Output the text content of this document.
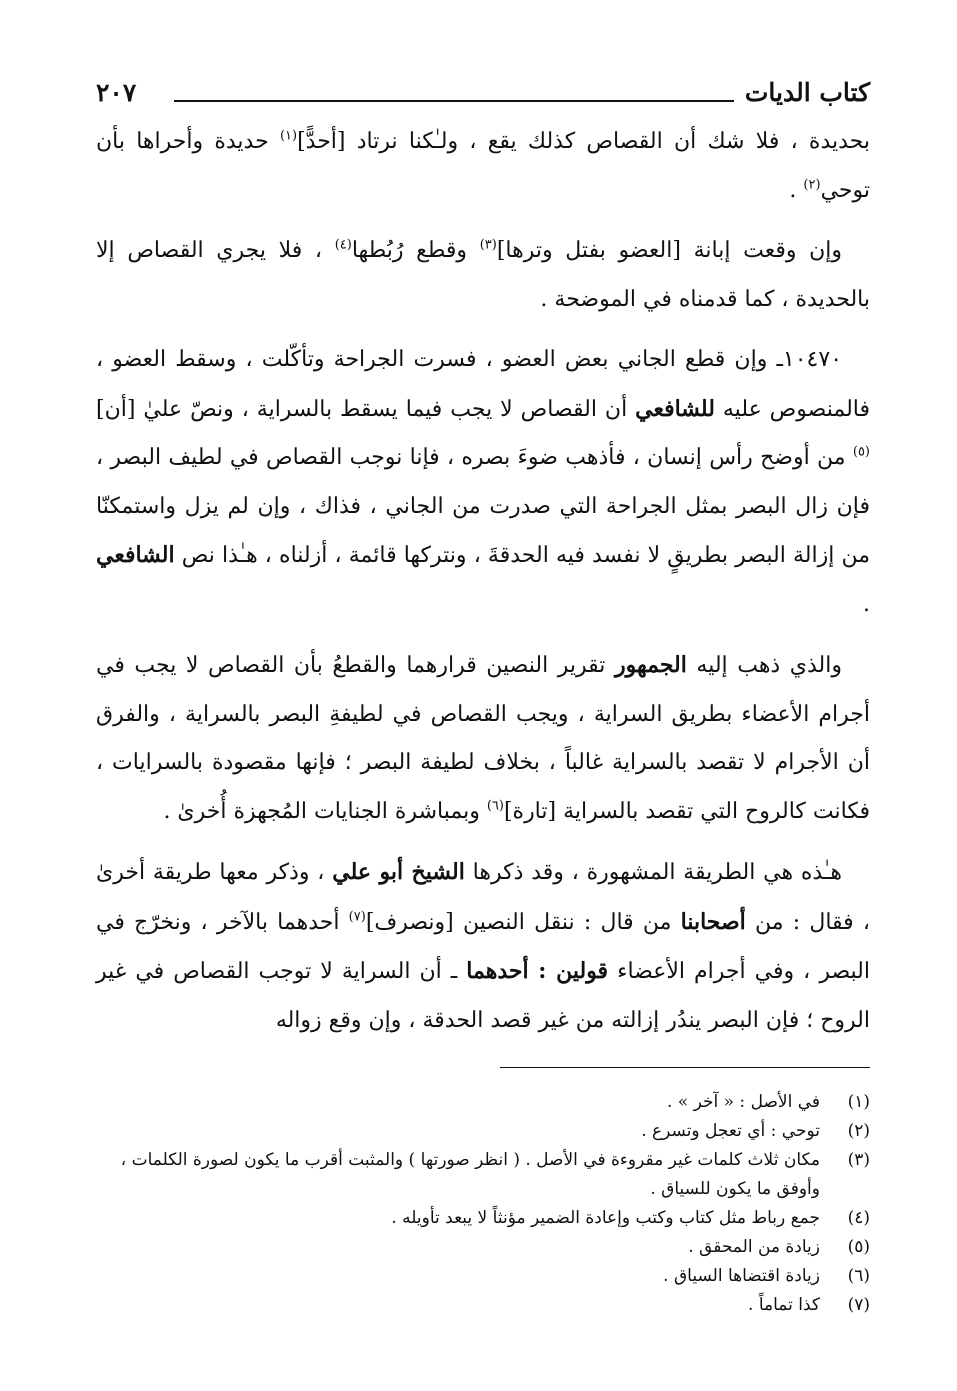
كتاب الديات
٢٠٧

بحديدة ، فلا شك أن القصاص كذلك يقع ، ولـٰكنا نرتاد [أحدًّ]$^{(١)}$ حديدة وأحراها بأن توحي$^{(٢)}$ .

وإن وقعت إبانة [العضو بفتل وترها]$^{(٣)}$ وقطع رُبُطها$^{(٤)}$ ، فلا يجري القصاص إلا بالحديدة ، كما قدمناه في الموضحة .

١٠٤٧٠ـ وإن قطع الجاني بعض العضو ، فسرت الجراحة وتأكّلت ، وسقط العضو ، فالمنصوص عليه للشافعي أن القصاص لا يجب فيما يسقط بالسراية ، ونصّ عليٰ [أن]$^{(٥)}$ من أوضح رأس إنسان ، فأذهب ضوءَ بصره ، فإنا نوجب القصاص في لطيف البصر ، فإن زال البصر بمثل الجراحة التي صدرت من الجاني ، فذاك ، وإن لم يزل واستمكنّا من إزالة البصر بطريقٍ لا نفسد فيه الحدقةَ ، ونتركها قائمة ، أزلناه ، هـٰذا نص الشافعي .

والذي ذهب إليه الجمهور تقرير النصين قرارهما والقطعُ بأن القصاص لا يجب في أجرام الأعضاء بطريق السراية ، ويجب القصاص في لطيفةِ البصر بالسراية ، والفرق أن الأجرام لا تقصد بالسراية غالباً ، بخلاف لطيفة البصر ؛ فإنها مقصودة بالسرايات ، فكانت كالروح التي تقصد بالسراية [تارة]$^{(٦)}$ وبمباشرة الجنايات المُجهزة أُخرىٰ .

هـٰذه هي الطريقة المشهورة ، وقد ذكرها الشيخ أبو علي ، وذكر معها طريقة أخرىٰ ، فقال : من أصحابنا من قال : ننقل النصين [ونصرف]$^{(٧)}$ أحدهما بالآخر ، ونخرّج في البصر ، وفي أجرام الأعضاء قولين : أحدهما ـ أن السراية لا توجب القصاص في غير الروح ؛ فإن البصر يندُر إزالته من غير قصد الحدقة ، وإن وقع زواله

(١)
في الأصل : « آخر » .
(٢)
توحي : أي تعجل وتسرع .
(٣)
مكان ثلاث كلمات غير مقروءة في الأصل . ( انظر صورتها ) والمثبت أقرب ما يكون لصورة الكلمات ، وأوفق ما يكون للسياق .
(٤)
جمع رباط مثل كتاب وكتب وإعادة الضمير مؤنثاً لا يبعد تأويله .
(٥)
زيادة من المحقق .
(٦)
زيادة اقتضاها السياق .
(٧)
كذا تماماً .
